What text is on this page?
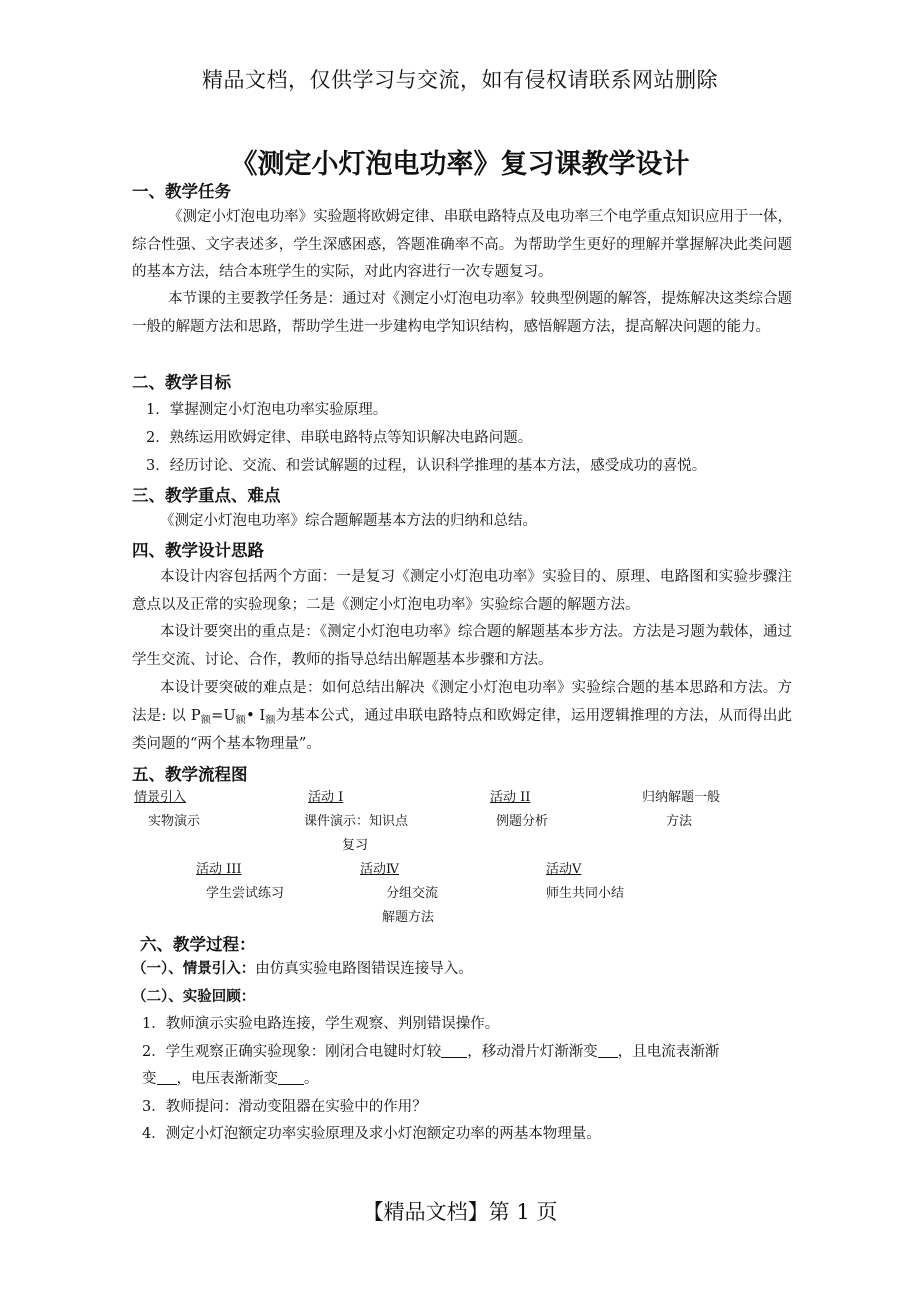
精品文档，仅供学习与交流，如有侵权请联系网站删除
《测定小灯泡电功率》复习课教学设计
一、教学任务
《测定小灯泡电功率》实验题将欧姆定律、串联电路特点及电功率三个电学重点知识应用于一体，综合性强、文字表述多，学生深感困惑，答题准确率不高。为帮助学生更好的理解并掌握解决此类问题的基本方法，结合本班学生的实际，对此内容进行一次专题复习。
本节课的主要教学任务是：通过对《测定小灯泡电功率》较典型例题的解答，提炼解决这类综合题一般的解题方法和思路，帮助学生进一步建构电学知识结构，感悟解题方法，提高解决问题的能力。
二、教学目标
1．掌握测定小灯泡电功率实验原理。
2．熟练运用欧姆定律、串联电路特点等知识解决电路问题。
3．经历讨论、交流、和尝试解题的过程，认识科学推理的基本方法，感受成功的喜悦。
三、教学重点、难点
《测定小灯泡电功率》综合题解题基本方法的归纳和总结。
四、教学设计思路
本设计内容包括两个方面：一是复习《测定小灯泡电功率》实验目的、原理、电路图和实验步骤注意点以及正常的实验现象；二是《测定小灯泡电功率》实验综合题的解题方法。
本设计要突出的重点是：《测定小灯泡电功率》综合题的解题基本步方法。方法是习题为载体，通过学生交流、讨论、合作，教师的指导总结出解题基本步骤和方法。
本设计要突破的难点是：如何总结出解决《测定小灯泡电功率》实验综合题的基本思路和方法。方法是: 以 $P_额=U_额•$ $I_额$为基本公式，通过串联电路特点和欧姆定律，运用逻辑推理的方法，从而得出此类问题的“两个基本物理量”。
五、教学流程图
情景引入
实物演示
活动 I
课件演示：知识点
复习
活动 II
例题分析
归纳解题一般
方法
活动 III
学生尝试练习
活动Ⅳ
分组交流
解题方法
活动Ⅴ
师生共同小结
六、教学过程：
（一）、情景引入：由仿真实验电路图错误连接导入。
（二）、实验回顾：
1．教师演示实验电路连接，学生观察、判别错误操作。
2．学生观察正确实验现象：刚闭合电键时灯较 ，移动滑片灯渐渐变 ，且电流表渐渐
变 ，电压表渐渐变 。
3．教师提问：滑动变阻器在实验中的作用？
4．测定小灯泡额定功率实验原理及求小灯泡额定功率的两基本物理量。
【精品文档】第 1 页
